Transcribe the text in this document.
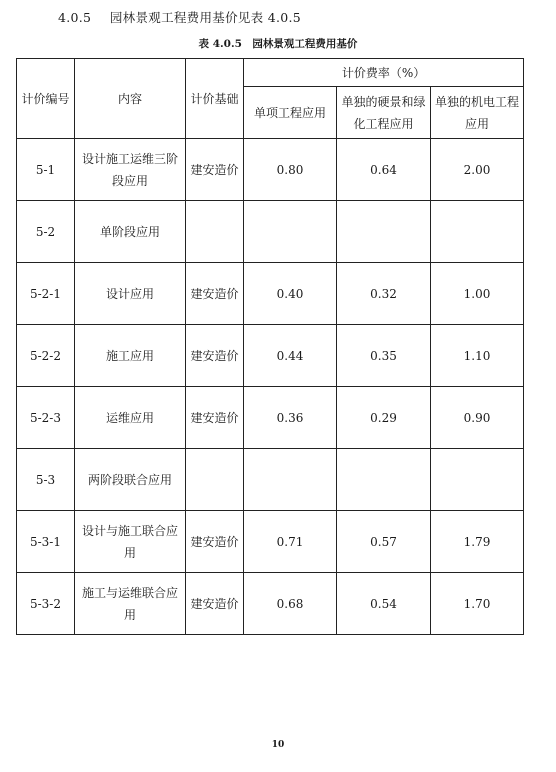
4.0.5 园林景观工程费用基价见表 4.0.5
表 4.0.5　园林景观工程费用基价
计价编号	内容	计价基础	计价费率（%）		
			单项工程应用	单独的硬景和绿化工程应用	单独的机电工程应用
5-1	设计施工运维三阶段应用	建安造价	0.80	0.64	2.00
5-2	单阶段应用				
5-2-1	设计应用	建安造价	0.40	0.32	1.00
5-2-2	施工应用	建安造价	0.44	0.35	1.10
5-2-3	运维应用	建安造价	0.36	0.29	0.90
5-3	两阶段联合应用				
5-3-1	设计与施工联合应用	建安造价	0.71	0.57	1.79
5-3-2	施工与运维联合应用	建安造价	0.68	0.54	1.70
10
